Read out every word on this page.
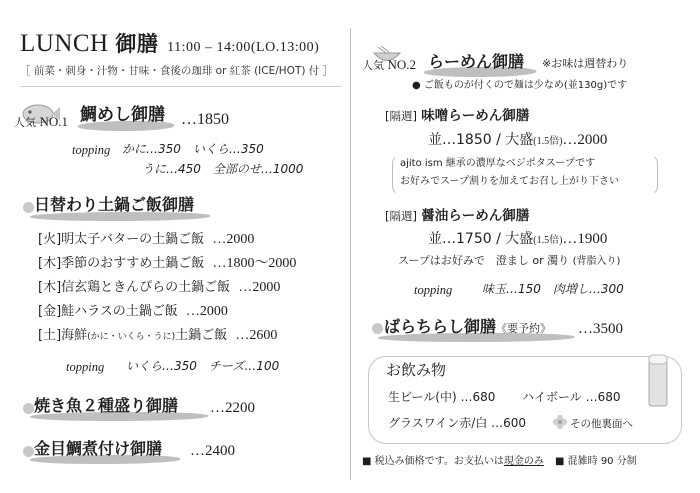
LUNCH 御膳 11:00 – 14:00(LO.13:00)
［ 前菜・刺身・汁物・甘味・食後の珈琲 or 紅茶 (ICE/HOT) 付 ］
人気 NO.1 鯛めし御膳 …1850
topping かに…350　いくら…350
うに…450　全部のせ…1000
日替わり土鍋ご飯御膳
[火]明太子バターの土鍋ご飯 …2000
[木]季節のおすすめ土鍋ご飯 …1800〜2000
[木]信玄鶏ときんぴらの土鍋ご飯 …2000
[金]鮭ハラスの土鍋ご飯 …2000
[土]海鮮(かに・いくら・うに)土鍋ご飯 …2600
topping いくら…350　チーズ…100
焼き魚２種盛り御膳 …2200
金目鯛煮付け御膳 …2400
人気 NO.2 らーめん御膳 ※お味は週替わり
● ご飯ものが付くので麺は少なめ(並130g)です
[隔週] 味噌らーめん御膳
並…1850 / 大盛(1.5倍)…2000
ajito ism 継承の濃厚なベジポタスープです
お好みでスープ割りを加えてお召し上がり下さい
[隔週] 醤油らーめん御膳
並…1750 / 大盛(1.5倍)…1900
スープはお好みで　澄まし or 濁り (背脂入り)
topping 味玉…150　肉増し…300
ばらちらし御膳《要予約》 …3500
お飲み物
生ビール(中) …680 ハイボール …680
グラスワイン赤/白 …600	その他裏面へ
■ 税込み価格です。お支払いは現金のみ ■ 混雑時 90 分制
